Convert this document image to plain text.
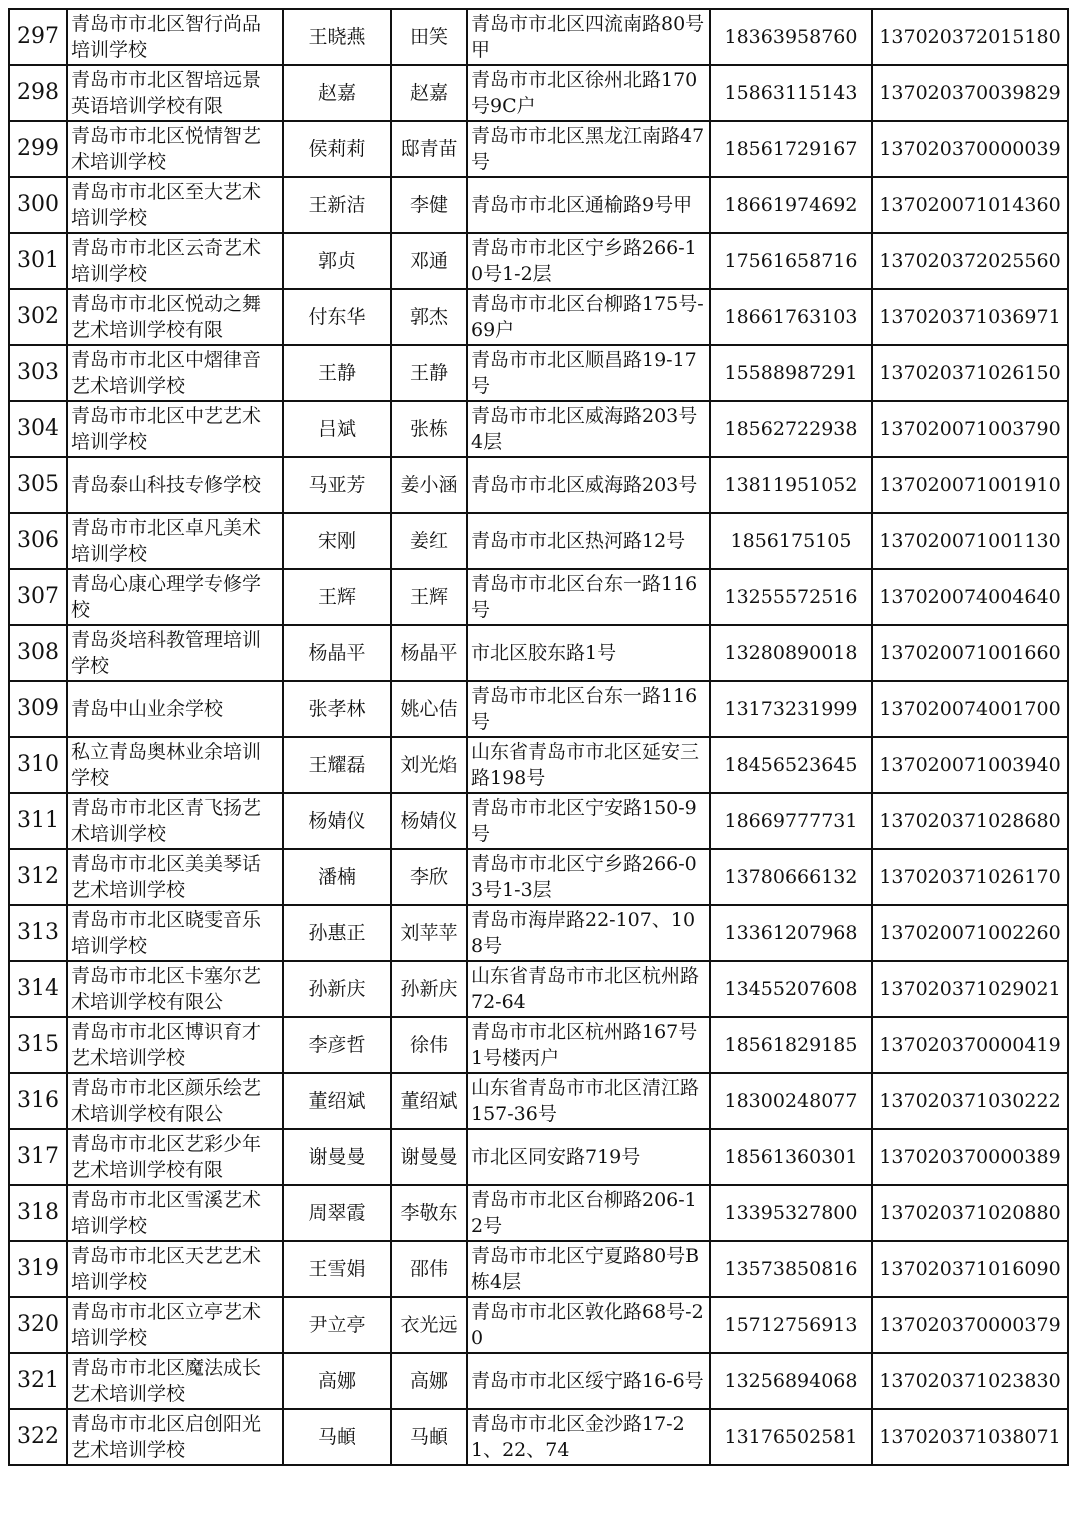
297	青岛市市北区智行尚品培训学校	王晓燕	田笑	青岛市市北区四流南路80号甲	18363958760	137020372015180
298	青岛市市北区智培远景英语培训学校有限	赵嘉	赵嘉	青岛市市北区徐州北路170号9C户	15863115143	137020370039829
299	青岛市市北区悦情智艺术培训学校	侯莉莉	邸青苗	青岛市市北区黑龙江南路47号	18561729167	137020370000039
300	青岛市市北区至大艺术培训学校	王新洁	李健	青岛市市北区通榆路9号甲	18661974692	137020071014360
301	青岛市市北区云奇艺术培训学校	郭贞	邓通	青岛市市北区宁乡路266-10号1-2层	17561658716	137020372025560
302	青岛市市北区悦动之舞艺术培训学校有限	付东华	郭杰	青岛市市北区台柳路175号-69户	18661763103	137020371036971
303	青岛市市北区中熠律音艺术培训学校	王静	王静	青岛市市北区顺昌路19-17号	15588987291	137020371026150
304	青岛市市北区中艺艺术培训学校	吕斌	张栋	青岛市市北区威海路203号4层	18562722938	137020071003790
305	青岛泰山科技专修学校	马亚芳	姜小涵	青岛市市北区威海路203号	13811951052	137020071001910
306	青岛市市北区卓凡美术培训学校	宋刚	姜红	青岛市市北区热河路12号	1856175105	137020071001130
307	青岛心康心理学专修学校	王辉	王辉	青岛市市北区台东一路116号	13255572516	137020074004640
308	青岛炎培科教管理培训学校	杨晶平	杨晶平	市北区胶东路1号	13280890018	137020071001660
309	青岛中山业余学校	张孝林	姚心佶	青岛市市北区台东一路116号	13173231999	137020074001700
310	私立青岛奥林业余培训学校	王耀磊	刘光焰	山东省青岛市市北区延安三路198号	18456523645	137020071003940
311	青岛市市北区青飞扬艺术培训学校	杨婧仪	杨婧仪	青岛市市北区宁安路150-9号	18669777731	137020371028680
312	青岛市市北区美美琴话艺术培训学校	潘楠	李欣	青岛市市北区宁乡路266-03号1-3层	13780666132	137020371026170
313	青岛市市北区晓雯音乐培训学校	孙惠正	刘苹苹	青岛市海岸路22-107、108号	13361207968	137020071002260
314	青岛市市北区卡塞尔艺术培训学校有限公	孙新庆	孙新庆	山东省青岛市市北区杭州路72-64	13455207608	137020371029021
315	青岛市市北区博识育才艺术培训学校	李彦哲	徐伟	青岛市市北区杭州路167号1号楼丙户	18561829185	137020370000419
316	青岛市市北区颜乐绘艺术培训学校有限公	董绍斌	董绍斌	山东省青岛市市北区清江路157-36号	18300248077	137020371030222
317	青岛市市北区艺彩少年艺术培训学校有限	谢曼曼	谢曼曼	市北区同安路719号	18561360301	137020370000389
318	青岛市市北区雪溪艺术培训学校	周翠霞	李敬东	青岛市市北区台柳路206-12号	13395327800	137020371020880
319	青岛市市北区天艺艺术培训学校	王雪娟	邵伟	青岛市市北区宁夏路80号B栋4层	13573850816	137020371016090
320	青岛市市北区立亭艺术培训学校	尹立亭	衣光远	青岛市市北区敦化路68号-20	15712756913	137020370000379
321	青岛市市北区魔法成长艺术培训学校	高娜	高娜	青岛市市北区绥宁路16-6号	13256894068	137020371023830
322	青岛市市北区启创阳光艺术培训学校	马頔	马頔	青岛市市北区金沙路17-21、22、74	13176502581	137020371038071
